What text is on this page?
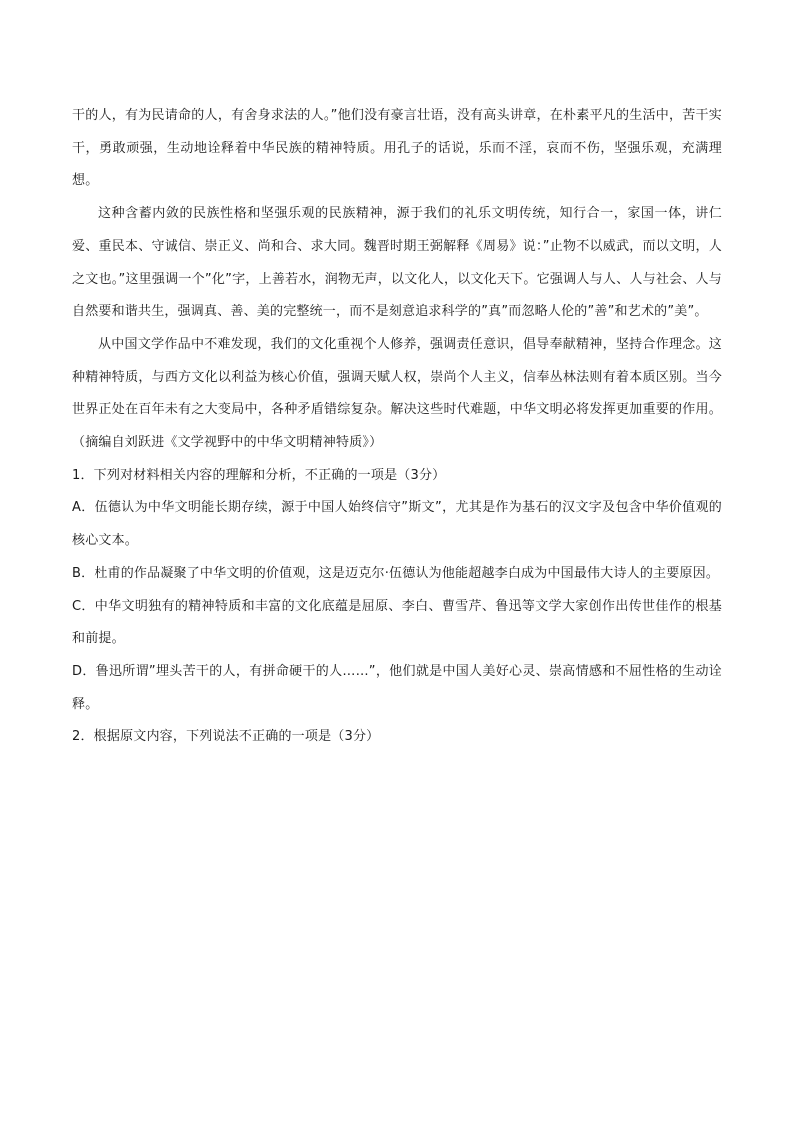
干的人，有为民请命的人，有舍身求法的人。”他们没有豪言壮语，没有高头讲章，在朴素平凡的生活中，苦干实干，勇敢顽强，生动地诠释着中华民族的精神特质。用孔子的话说，乐而不淫，哀而不伤，坚强乐观，充满理想。

这种含蓄内敛的民族性格和坚强乐观的民族精神，源于我们的礼乐文明传统，知行合一，家国一体，讲仁爱、重民本、守诚信、崇正义、尚和合、求大同。魏晋时期王弼解释《周易》说：”止物不以威武，而以文明，人之文也。”这里强调一个”化”字，上善若水，润物无声，以文化人，以文化天下。它强调人与人、人与社会、人与自然要和谐共生，强调真、善、美的完整统一，而不是刻意追求科学的”真”而忽略人伦的”善”和艺术的”美”。

从中国文学作品中不难发现，我们的文化重视个人修养，强调责任意识，倡导奉献精神，坚持合作理念。这种精神特质，与西方文化以利益为核心价值，强调天赋人权，崇尚个人主义，信奉丛林法则有着本质区别。当今世界正处在百年未有之大变局中，各种矛盾错综复杂。解决这些时代难题，中华文明必将发挥更加重要的作用。（摘编自刘跃进《文学视野中的中华文明精神特质》）

1．下列对材料相关内容的理解和分析，不正确的一项是（3分）

A．伍德认为中华文明能长期存续，源于中国人始终信守”斯文”，尤其是作为基石的汉文字及包含中华价值观的核心文本。

B．杜甫的作品凝聚了中华文明的价值观，这是迈克尔·伍德认为他能超越李白成为中国最伟大诗人的主要原因。

C．中华文明独有的精神特质和丰富的文化底蕴是屈原、李白、曹雪芹、鲁迅等文学大家创作出传世佳作的根基和前提。

D．鲁迅所谓”埋头苦干的人，有拼命硬干的人……”，他们就是中国人美好心灵、崇高情感和不屈性格的生动诠释。

2．根据原文内容，下列说法不正确的一项是（3分）
